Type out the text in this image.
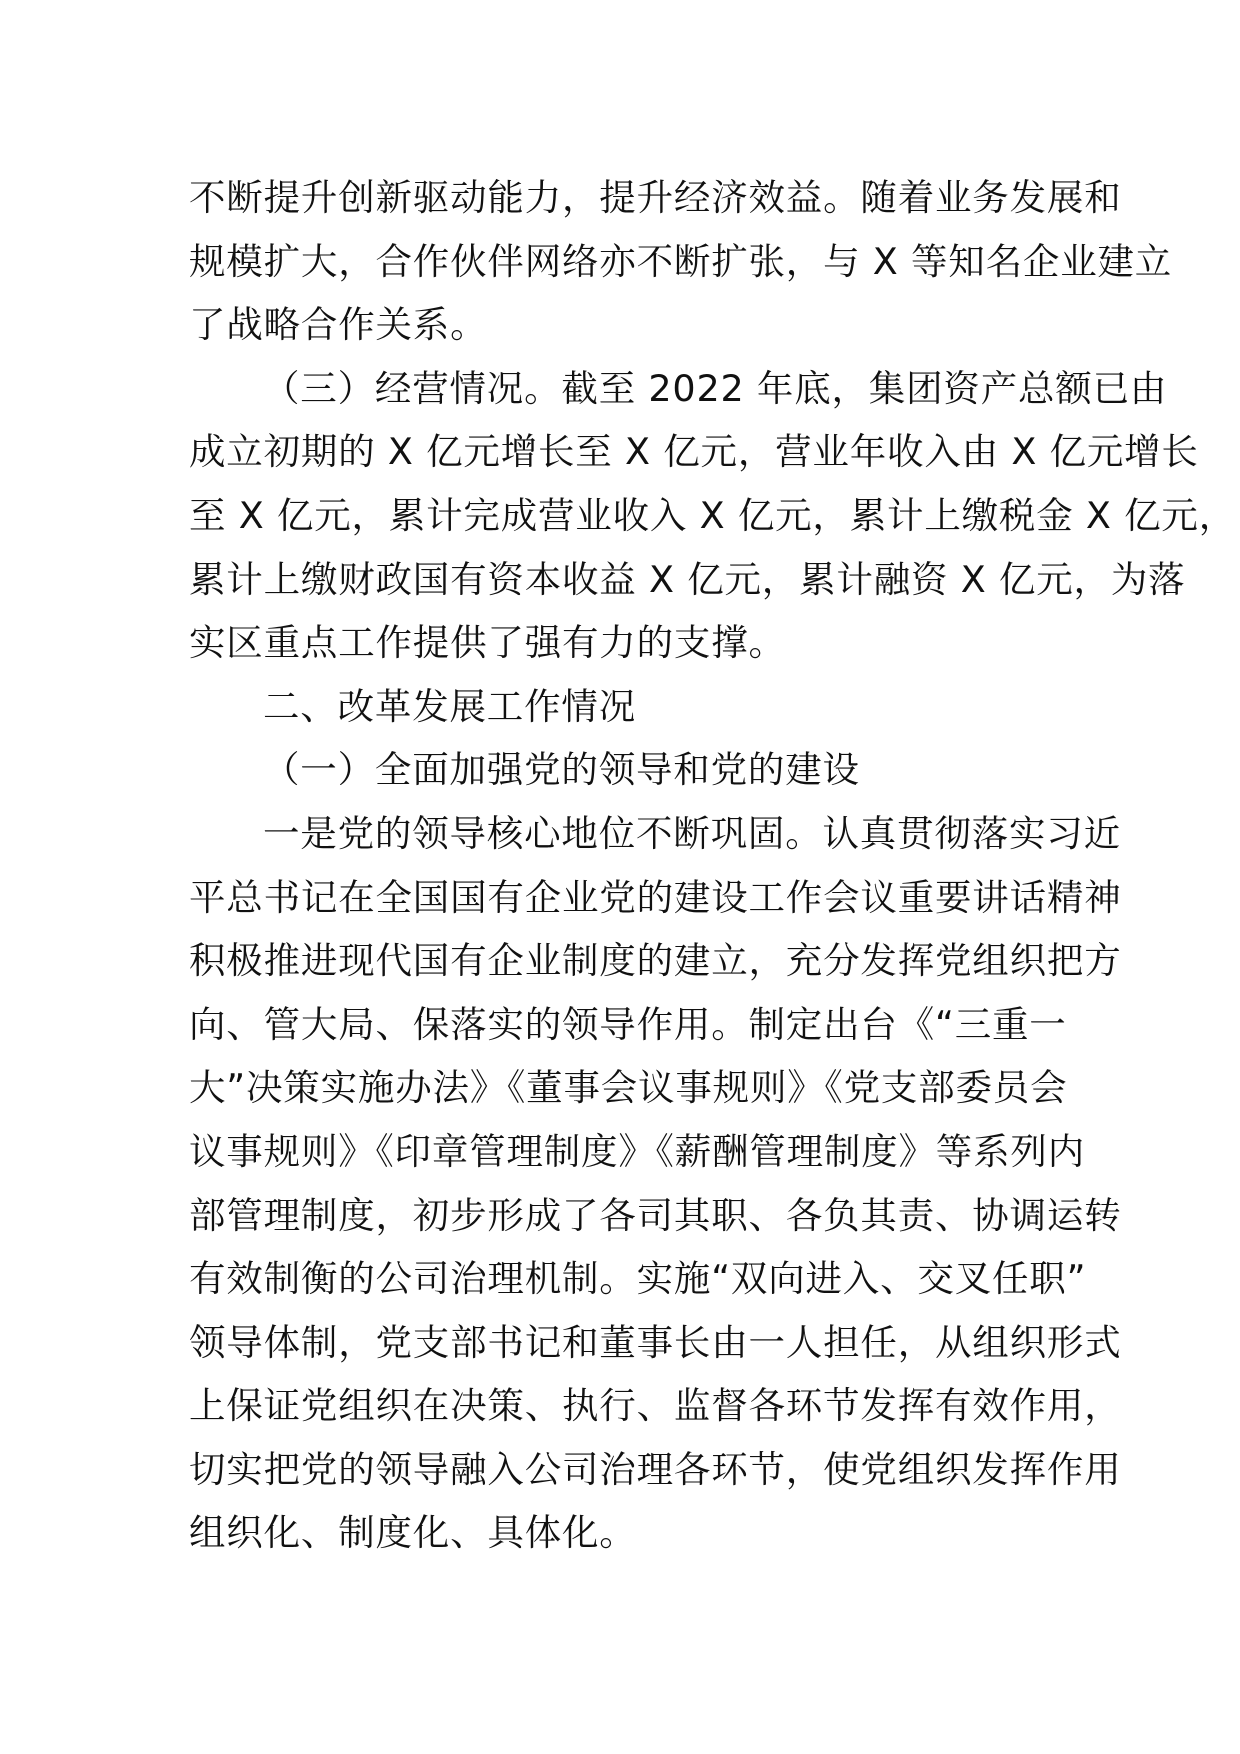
不断提升创新驱动能力，提升经济效益。随着业务发展和
规模扩大，合作伙伴网络亦不断扩张，与 X 等知名企业建立
了战略合作关系。

（三）经营情况。截至 2022 年底，集团资产总额已由
成立初期的 X 亿元增长至 X 亿元，营业年收入由 X 亿元增长
至 X 亿元，累计完成营业收入 X 亿元，累计上缴税金 X 亿元，
累计上缴财政国有资本收益 X 亿元，累计融资 X 亿元，为落
实区重点工作提供了强有力的支撑。

二、改革发展工作情况

（一）全面加强党的领导和党的建设

一是党的领导核心地位不断巩固。认真贯彻落实习近
平总书记在全国国有企业党的建设工作会议重要讲话精神
积极推进现代国有企业制度的建立，充分发挥党组织把方
向、管大局、保落实的领导作用。制定出台《“三重一
大”决策实施办法》《董事会议事规则》《党支部委员会
议事规则》《印章管理制度》《薪酬管理制度》等系列内
部管理制度，初步形成了各司其职、各负其责、协调运转
有效制衡的公司治理机制。实施“双向进入、交叉任职”
领导体制，党支部书记和董事长由一人担任，从组织形式
上保证党组织在决策、执行、监督各环节发挥有效作用，
切实把党的领导融入公司治理各环节，使党组织发挥作用
组织化、制度化、具体化。
